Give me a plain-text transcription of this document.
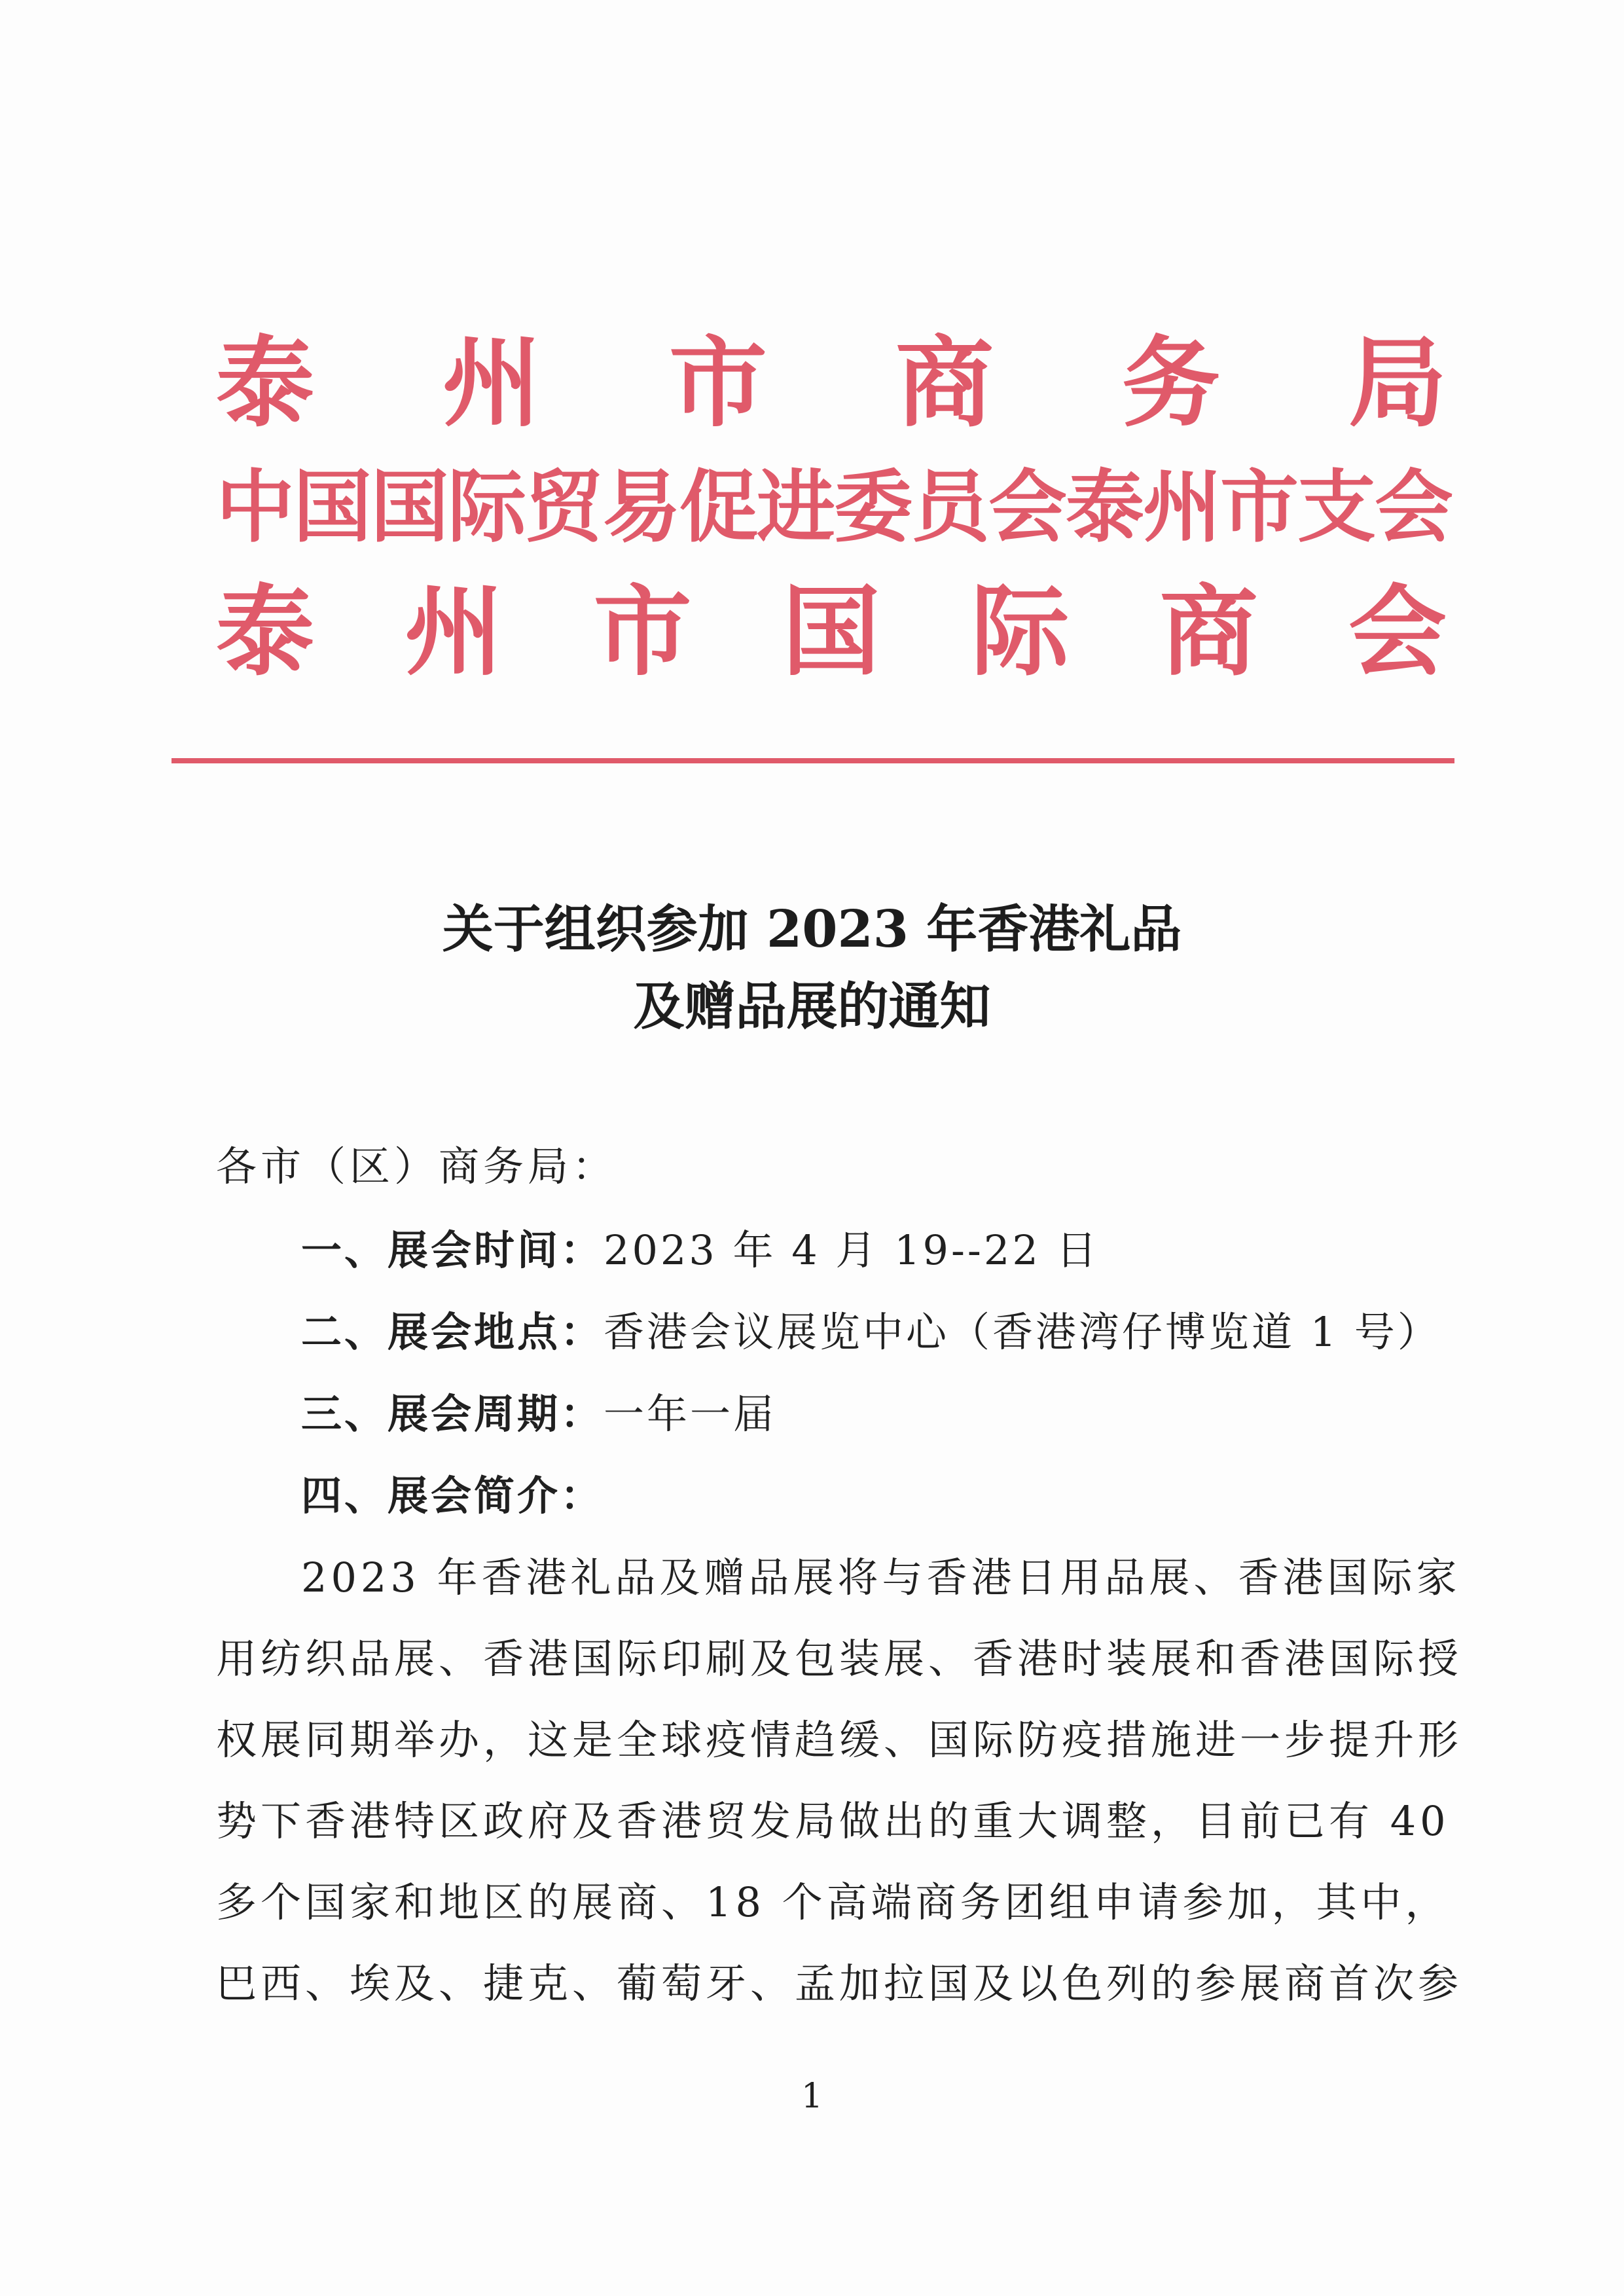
泰 州 市 商 务 局
中国国际贸易促进委员会泰州市支会
泰 州 市 国 际 商 会
关于组织参加 2023 年香港礼品
及赠品展的通知
各市（区）商务局：
一、展会时间：2023 年 4 月 19--22 日
二、展会地点：香港会议展览中心（香港湾仔博览道 1 号）
三、展会周期：一年一届
四、展会简介：
2023 年香港礼品及赠品展将与香港日用品展、香港国际家
用纺织品展、香港国际印刷及包装展、香港时装展和香港国际授
权展同期举办，这是全球疫情趋缓、国际防疫措施进一步提升形
势下香港特区政府及香港贸发局做出的重大调整，目前已有 40
多个国家和地区的展商、18 个高端商务团组申请参加，其中，
巴西、埃及、捷克、葡萄牙、孟加拉国及以色列的参展商首次参
1
